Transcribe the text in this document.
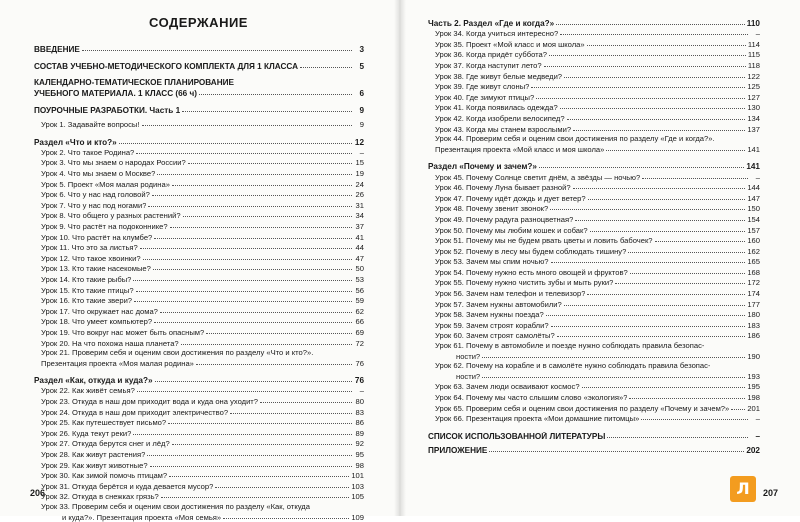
СОДЕРЖАНИЕ
ВВЕДЕНИЕ	3
СОСТАВ УЧЕБНО-МЕТОДИЧЕСКОГО КОМПЛЕКТА ДЛЯ 1 КЛАССА	5
КАЛЕНДАРНО-ТЕМАТИЧЕСКОЕ ПЛАНИРОВАНИЕ
УЧЕБНОГО МАТЕРИАЛА. 1 КЛАСС (66 ч)	6
ПОУРОЧНЫЕ РАЗРАБОТКИ. Часть 1	9
Урок 1. Задавайте вопросы!	9
Раздел «Что и кто?»	12
Урок 2. Что такое Родина?	–
Урок 3. Что мы знаем о народах России?	15
Урок 4. Что мы знаем о Москве?	19
Урок 5. Проект «Моя малая родина»	24
Урок 6. Что у нас над головой?	26
Урок 7. Что у нас под ногами?	31
Урок 8. Что общего у разных растений?	34
Урок 9. Что растёт на подоконнике?	37
Урок 10. Что растёт на клумбе?	41
Урок 11. Что это за листья?	44
Урок 12. Что такое хвоинки?	47
Урок 13. Кто такие насекомые?	50
Урок 14. Кто такие рыбы?	53
Урок 15. Кто такие птицы?	56
Урок 16. Кто такие звери?	59
Урок 17. Что окружает нас дома?	62
Урок 18. Что умеет компьютер?	66
Урок 19. Что вокруг нас может быть опасным?	69
Урок 20. На что похожа наша планета?	72
Урок 21. Проверим себя и оценим свои достижения по разделу «Что и кто?».
Презентация проекта «Моя малая родина»	76
Раздел «Как, откуда и куда?»	76
Урок 22. Как живёт семья?	–
Урок 23. Откуда в наш дом приходит вода и куда она уходит?	80
Урок 24. Откуда в наш дом приходит электричество?	83
Урок 25. Как путешествует письмо?	86
Урок 26. Куда текут реки?	89
Урок 27. Откуда берутся снег и лёд?	92
Урок 28. Как живут растения?	95
Урок 29. Как живут животные?	98
Урок 30. Как зимой помочь птицам?	101
Урок 31. Откуда берётся и куда девается мусор?	103
Урок 32. Откуда в снежках грязь?	105
Урок 33. Проверим себя и оценим свои достижения по разделу «Как, откуда
и куда?». Презентация проекта «Моя семья»	109
206
Часть 2. Раздел «Где и когда?»	110
Урок 34. Когда учиться интересно?	–
Урок 35. Проект «Мой класс и моя школа»	114
Урок 36. Когда придёт суббота?	115
Урок 37. Когда наступит лето?	118
Урок 38. Где живут белые медведи?	122
Урок 39. Где живут слоны?	125
Урок 40. Где зимуют птицы?	127
Урок 41. Когда появилась одежда?	130
Урок 42. Когда изобрели велосипед?	134
Урок 43. Когда мы станем взрослыми?	137
Урок 44. Проверим себя и оценим свои достижения по разделу «Где и когда?».
Презентация проекта «Мой класс и моя школа»	141
Раздел «Почему и зачем?»	141
Урок 45. Почему Солнце светит днём, а звёзды — ночью?	–
Урок 46. Почему Луна бывает разной?	144
Урок 47. Почему идёт дождь и дует ветер?	147
Урок 48. Почему звенит звонок?	150
Урок 49. Почему радуга разноцветная?	154
Урок 50. Почему мы любим кошек и собак?	157
Урок 51. Почему мы не будем рвать цветы и ловить бабочек?	160
Урок 52. Почему в лесу мы будем соблюдать тишину?	162
Урок 53. Зачем мы спим ночью?	165
Урок 54. Почему нужно есть много овощей и фруктов?	168
Урок 55. Почему нужно чистить зубы и мыть руки?	172
Урок 56. Зачем нам телефон и телевизор?	174
Урок 57. Зачем нужны автомобили?	177
Урок 58. Зачем нужны поезда?	180
Урок 59. Зачем строят корабли?	183
Урок 60. Зачем строят самолёты?	186
Урок 61. Почему в автомобиле и поезде нужно соблюдать правила безопас-
ности?	190
Урок 62. Почему на корабле и в самолёте нужно соблюдать правила безопас-
ности?	193
Урок 63. Зачем люди осваивают космос?	195
Урок 64. Почему мы часто слышим слово «экология»?	198
Урок 65. Проверим себя и оценим свои достижения по разделу «Почему и зачем?» 201
Урок 66. Презентация проекта «Мои домашние питомцы»	–
СПИСОК ИСПОЛЬЗОВАННОЙ ЛИТЕРАТУРЫ	–
ПРИЛОЖЕНИЕ	202
Л	207
